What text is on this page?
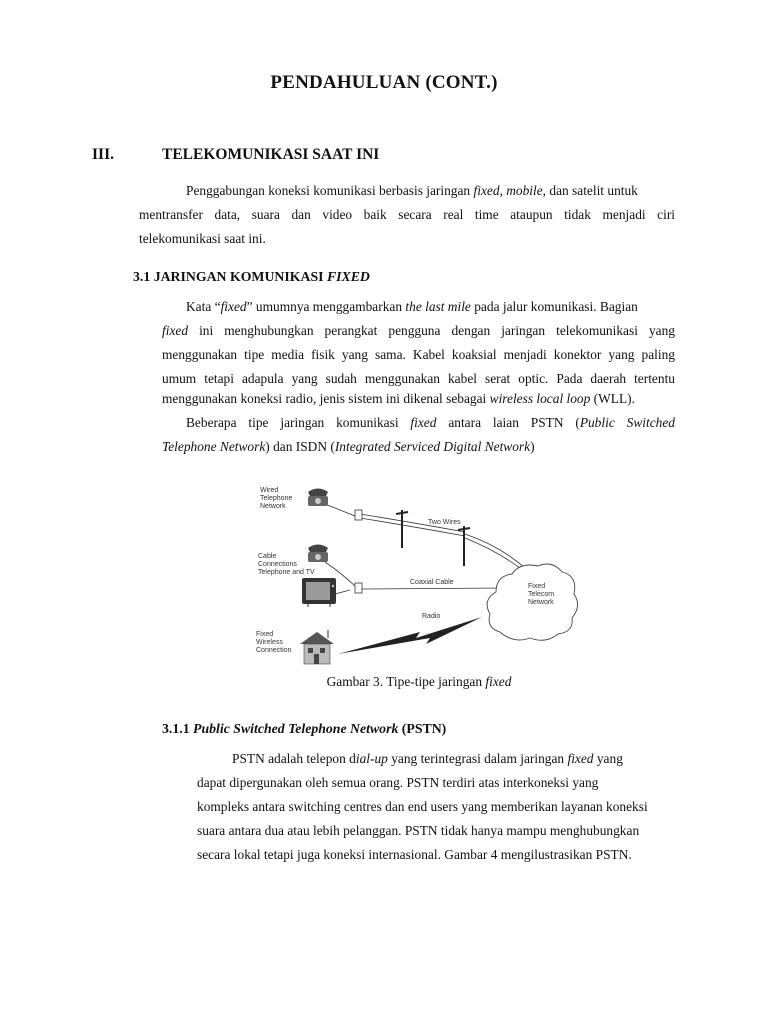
PENDAHULUAN (CONT.)
III.	TELEKOMUNIKASI SAAT INI
Penggabungan koneksi komunikasi berbasis jaringan fixed, mobile, dan satelit untuk
mentransfer data, suara dan video baik secara real time ataupun tidak menjadi ciri
telekomunikasi saat ini.
3.1 JARINGAN KOMUNIKASI FIXED
Kata “fixed” umumnya menggambarkan the last mile pada jalur komunikasi. Bagian
fixed ini menghubungkan perangkat pengguna dengan jaringan telekomunikasi yang
menggunakan tipe media fisik yang sama. Kabel koaksial menjadi konektor yang paling
umum tetapi adapula yang sudah menggunakan kabel serat optic. Pada daerah tertentu
menggunakan koneksi radio, jenis sistem ini dikenal sebagai wireless local loop (WLL).
Beberapa tipe jaringan komunikasi fixed antara laian PSTN (Public Switched
Telephone Network) dan ISDN (Integrated Serviced Digital Network)
Wired
Telephone
Network
Cable
Connections
Telephone and TV
Fixed
Wireless
Connection
Two Wires
Coaxial Cable
Radio
Fixed
Telecom
Network
Gambar 3. Tipe-tipe jaringan fixed
3.1.1 Public Switched Telephone Network (PSTN)
PSTN adalah telepon dial-up yang terintegrasi dalam jaringan fixed yang
dapat dipergunakan oleh semua orang. PSTN terdiri atas interkoneksi yang
kompleks antara switching centres dan end users yang memberikan layanan koneksi
suara antara dua atau lebih pelanggan. PSTN tidak hanya mampu menghubungkan
secara lokal tetapi juga koneksi internasional. Gambar 4 mengilustrasikan PSTN.
